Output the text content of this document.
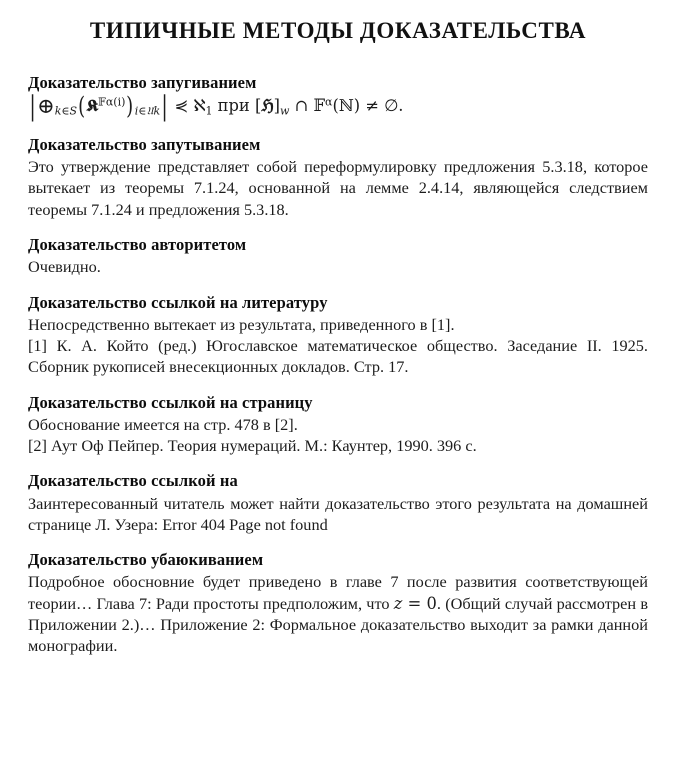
ТИПИЧНЫЕ МЕТОДЫ ДОКАЗАТЕЛЬСТВА
Доказательство запугиванием
$|\oplus_{k\in S}(𝕶^{𝔽\alpha(i)})_{i\in 𝔘k}|$ ⋞ ℵ$_1$ при $[ℌ]_w$ ∩ 𝔽$^\alpha$(ℕ) ≠ ∅.
Доказательство запутыванием

Это утверждение представляет собой переформулировку предложения 5.3.18, которое вытекает из теоремы 7.1.24, основанной на лемме 2.4.14, являющейся следствием теоремы 7.1.24 и предложения 5.3.18.

Доказательство авторитетом

Очевидно.

Доказательство ссылкой на литературу

Непосредственно вытекает из результата, приведенного в [1].

[1] К. А. Който (ред.) Югославское математическое общество. Заседание II. 1925. Сборник рукописей внесекционных докладов. Стр. 17.

Доказательство ссылкой на страницу

Обоснование имеется на стр. 478 в [2].

[2] Аут Оф Пейпер. Теория нумераций. М.: Каунтер, 1990. 396 с.

Доказательство ссылкой на

Заинтересованный читатель может найти доказательство этого результата на домашней странице Л. Узера: Error 404 Page not found

Доказательство убаюкиванием

Подробное обосновние будет приведено в главе 7 после развития соответствующей теории… Глава 7: Ради простоты предположим, что z = 0. (Общий случай рассмотрен в Приложении 2.)… Приложение 2: Формальное доказательство выходит за рамки данной монографии.
